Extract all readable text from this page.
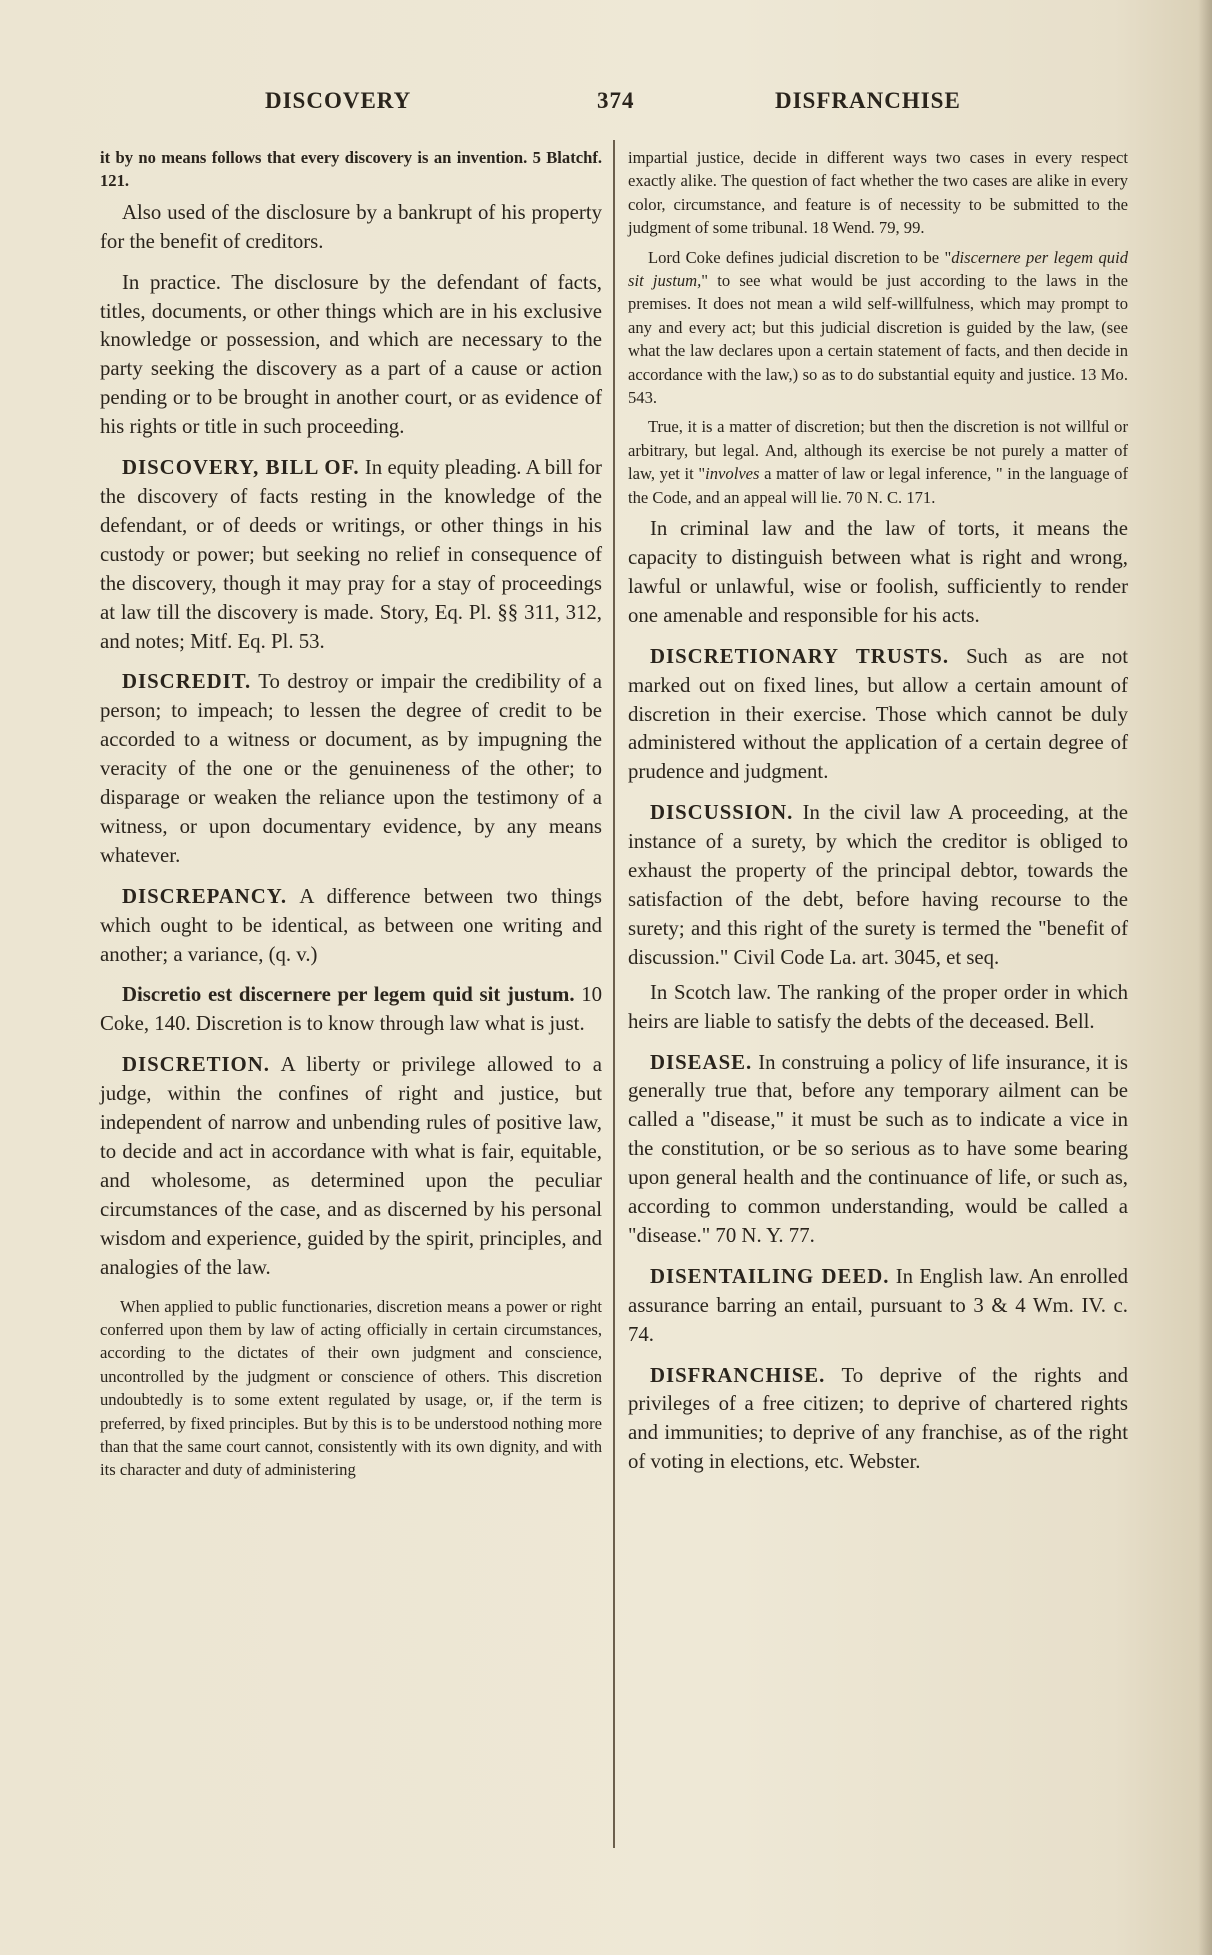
DISCOVERY	374	DISFRANCHISE

it by no means follows that every discovery is an invention. 5 Blatchf. 121.

Also used of the disclosure by a bankrupt of his property for the benefit of creditors.

In practice. The disclosure by the defendant of facts, titles, documents, or other things which are in his exclusive knowledge or possession, and which are necessary to the party seeking the discovery as a part of a cause or action pending or to be brought in another court, or as evidence of his rights or title in such proceeding.

DISCOVERY, BILL OF. In equity pleading. A bill for the discovery of facts resting in the knowledge of the defendant, or of deeds or writings, or other things in his custody or power; but seeking no relief in consequence of the discovery, though it may pray for a stay of proceedings at law till the discovery is made. Story, Eq. Pl. §§ 311, 312, and notes; Mitf. Eq. Pl. 53.

DISCREDIT. To destroy or impair the credibility of a person; to impeach; to lessen the degree of credit to be accorded to a witness or document, as by impugning the veracity of the one or the genuineness of the other; to disparage or weaken the reliance upon the testimony of a witness, or upon documentary evidence, by any means whatever.

DISCREPANCY. A difference between two things which ought to be identical, as between one writing and another; a variance, (q. v.)

Discretio est discernere per legem quid sit justum. 10 Coke, 140. Discretion is to know through law what is just.

DISCRETION. A liberty or privilege allowed to a judge, within the confines of right and justice, but independent of narrow and unbending rules of positive law, to decide and act in accordance with what is fair, equitable, and wholesome, as determined upon the peculiar circumstances of the case, and as discerned by his personal wisdom and experience, guided by the spirit, principles, and analogies of the law.

When applied to public functionaries, discretion means a power or right conferred upon them by law of acting officially in certain circumstances, according to the dictates of their own judgment and conscience, uncontrolled by the judgment or conscience of others. This discretion undoubtedly is to some extent regulated by usage, or, if the term is preferred, by fixed principles. But by this is to be understood nothing more than that the same court cannot, consistently with its own dignity, and with its character and duty of administering

impartial justice, decide in different ways two cases in every respect exactly alike. The question of fact whether the two cases are alike in every color, circumstance, and feature is of necessity to be submitted to the judgment of some tribunal. 18 Wend. 79, 99.

Lord Coke defines judicial discretion to be "discernere per legem quid sit justum," to see what would be just according to the laws in the premises. It does not mean a wild self-willfulness, which may prompt to any and every act; but this judicial discretion is guided by the law, (see what the law declares upon a certain statement of facts, and then decide in accordance with the law,) so as to do substantial equity and justice. 13 Mo. 543.

True, it is a matter of discretion; but then the discretion is not willful or arbitrary, but legal. And, although its exercise be not purely a matter of law, yet it "involves a matter of law or legal inference, " in the language of the Code, and an appeal will lie. 70 N. C. 171.

In criminal law and the law of torts, it means the capacity to distinguish between what is right and wrong, lawful or unlawful, wise or foolish, sufficiently to render one amenable and responsible for his acts.

DISCRETIONARY TRUSTS. Such as are not marked out on fixed lines, but allow a certain amount of discretion in their exercise. Those which cannot be duly administered without the application of a certain degree of prudence and judgment.

DISCUSSION. In the civil law A proceeding, at the instance of a surety, by which the creditor is obliged to exhaust the property of the principal debtor, towards the satisfaction of the debt, before having recourse to the surety; and this right of the surety is termed the "benefit of discussion." Civil Code La. art. 3045, et seq.

In Scotch law. The ranking of the proper order in which heirs are liable to satisfy the debts of the deceased. Bell.

DISEASE. In construing a policy of life insurance, it is generally true that, before any temporary ailment can be called a "disease," it must be such as to indicate a vice in the constitution, or be so serious as to have some bearing upon general health and the continuance of life, or such as, according to common understanding, would be called a "disease." 70 N. Y. 77.

DISENTAILING DEED. In English law. An enrolled assurance barring an entail, pursuant to 3 & 4 Wm. IV. c. 74.

DISFRANCHISE. To deprive of the rights and privileges of a free citizen; to deprive of chartered rights and immunities; to deprive of any franchise, as of the right of voting in elections, etc. Webster.
